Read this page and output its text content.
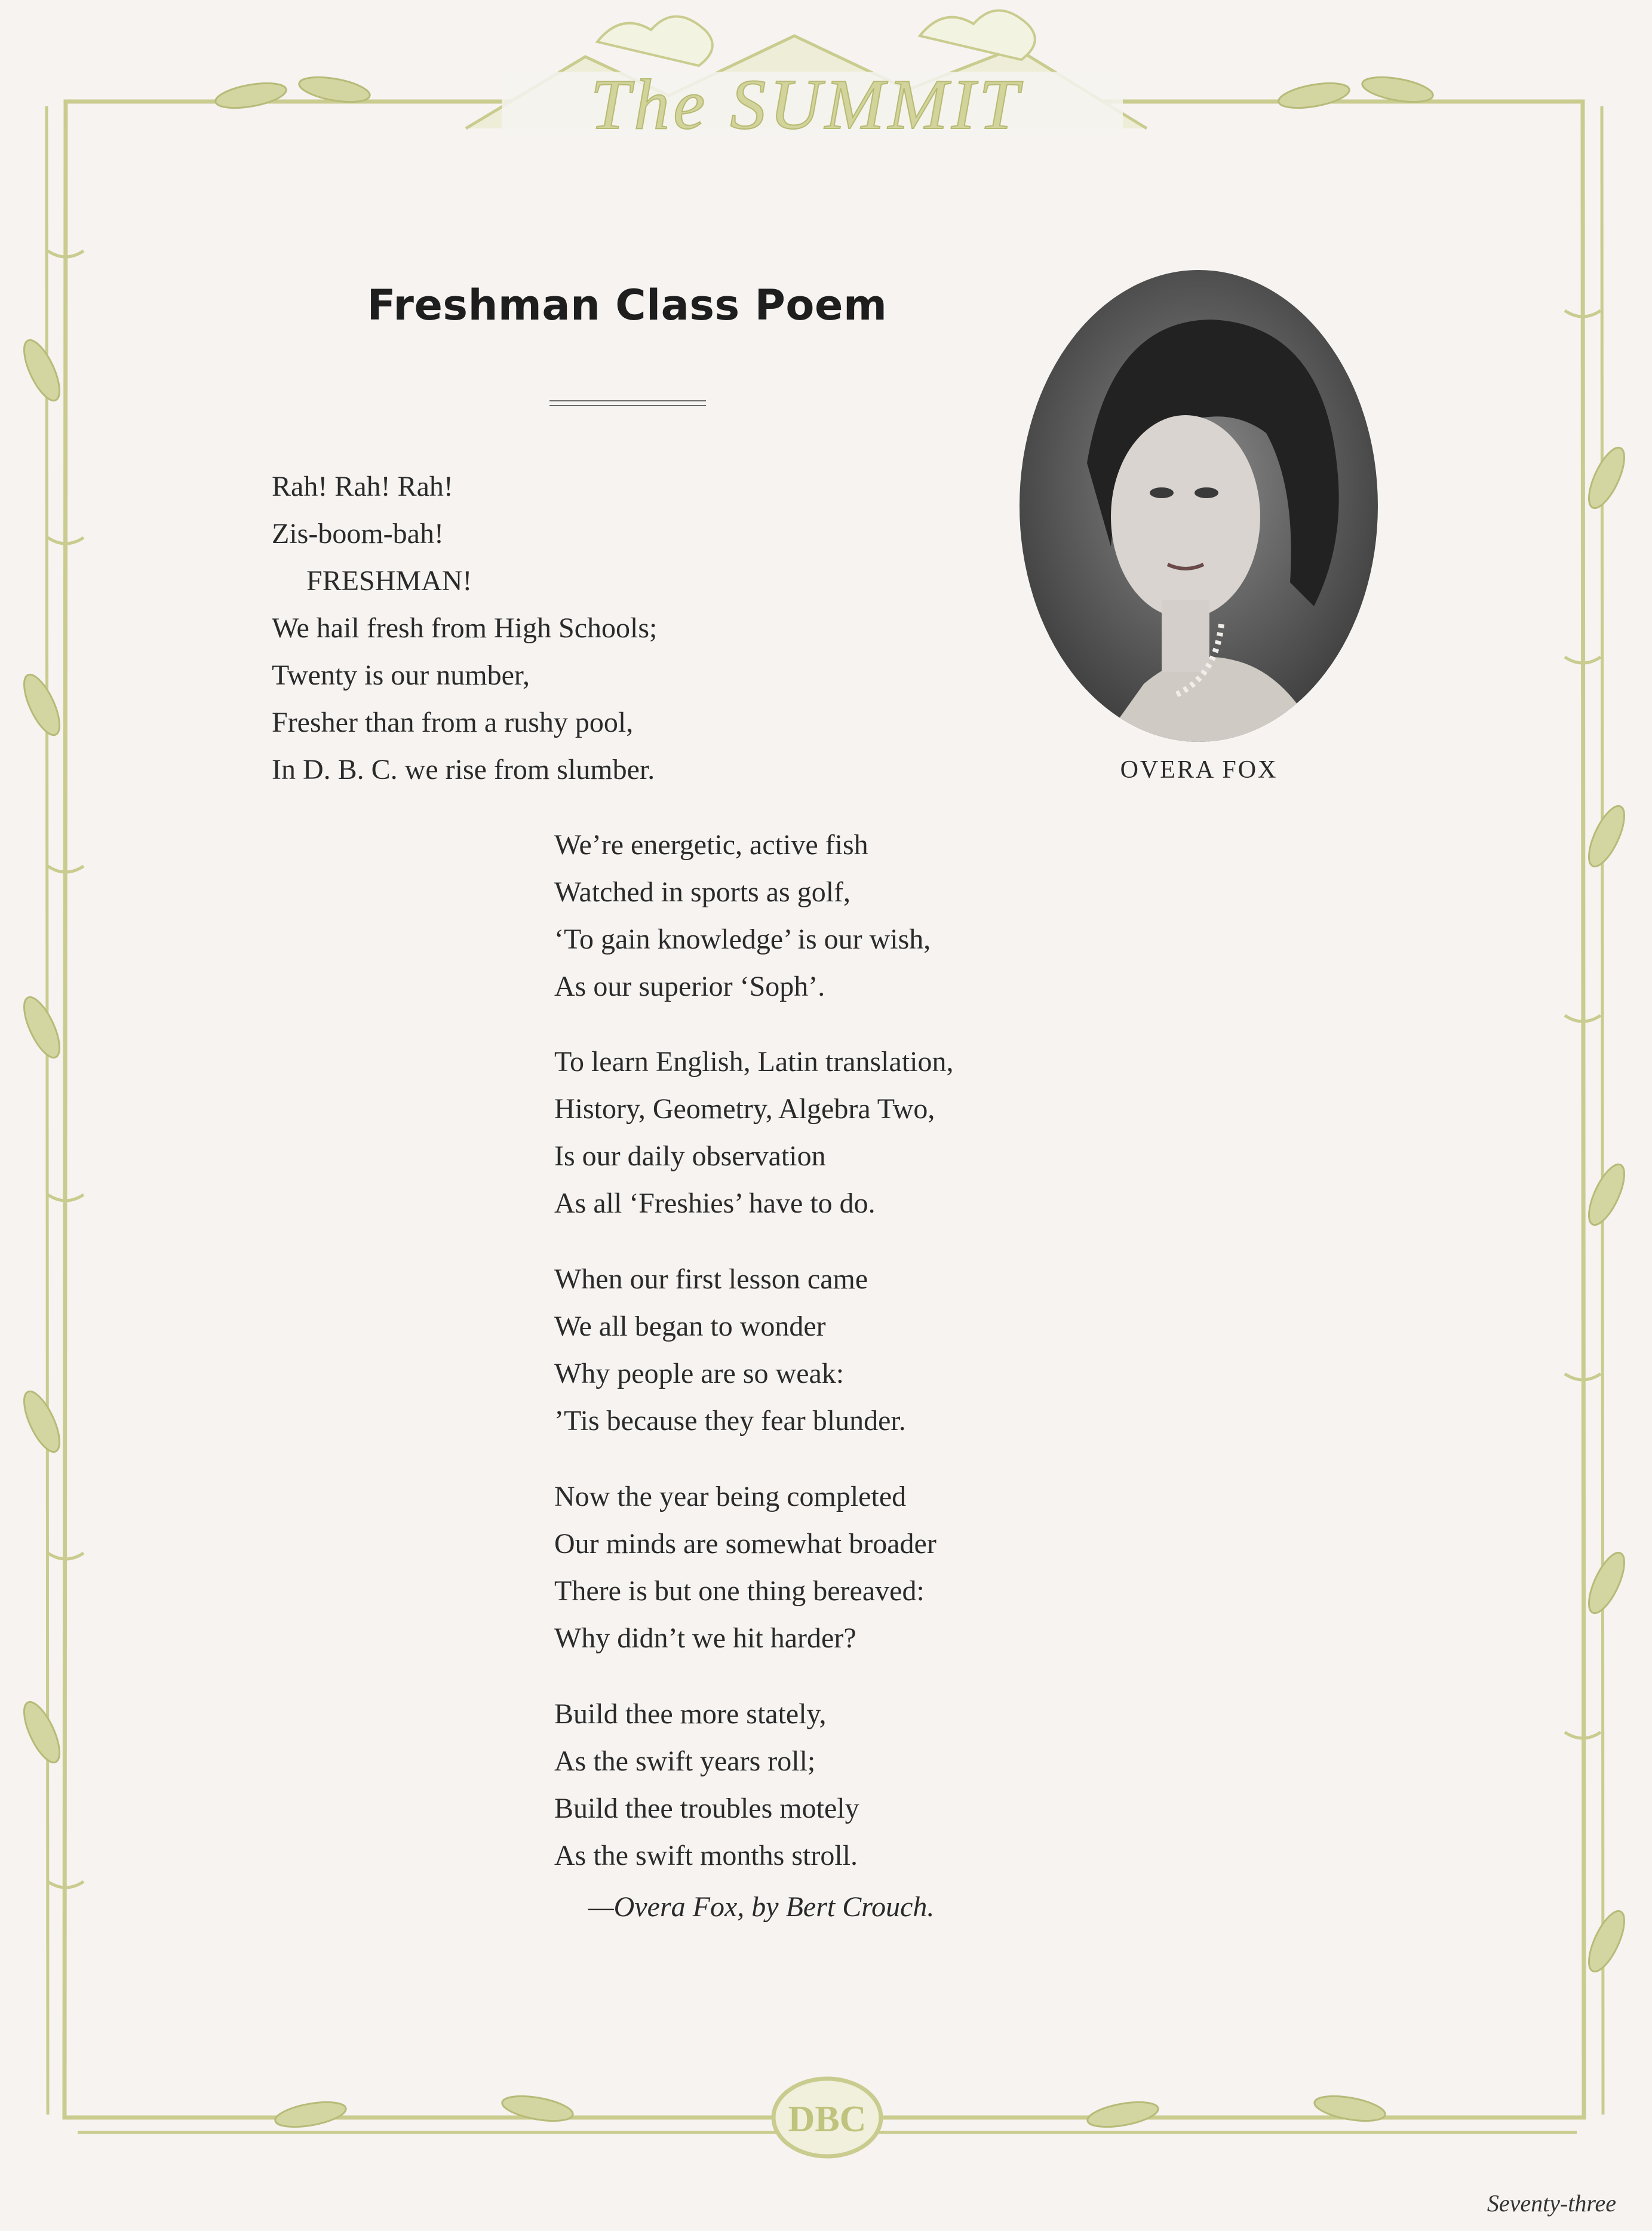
The SUMMIT
DBC
Freshman Class Poem
Rah! Rah! Rah!
Zis-boom-bah!
FRESHMAN!
We hail fresh from High Schools;
Twenty is our number,
Fresher than from a rushy pool,
In D. B. C. we rise from slumber.
We’re energetic, active fish
Watched in sports as golf,
‘To gain knowledge’ is our wish,
As our superior ‘Soph’.
To learn English, Latin translation,
History, Geometry, Algebra Two,
Is our daily observation
As all ‘Freshies’ have to do.
When our first lesson came
We all began to wonder
Why people are so weak:
’Tis because they fear blunder.
Now the year being completed
Our minds are somewhat broader
There is but one thing bereaved:
Why didn’t we hit harder?
Build thee more stately,
As the swift years roll;
Build thee troubles motely
As the swift months stroll.
—Overa Fox, by Bert Crouch.
OVERA FOX
Seventy-three
